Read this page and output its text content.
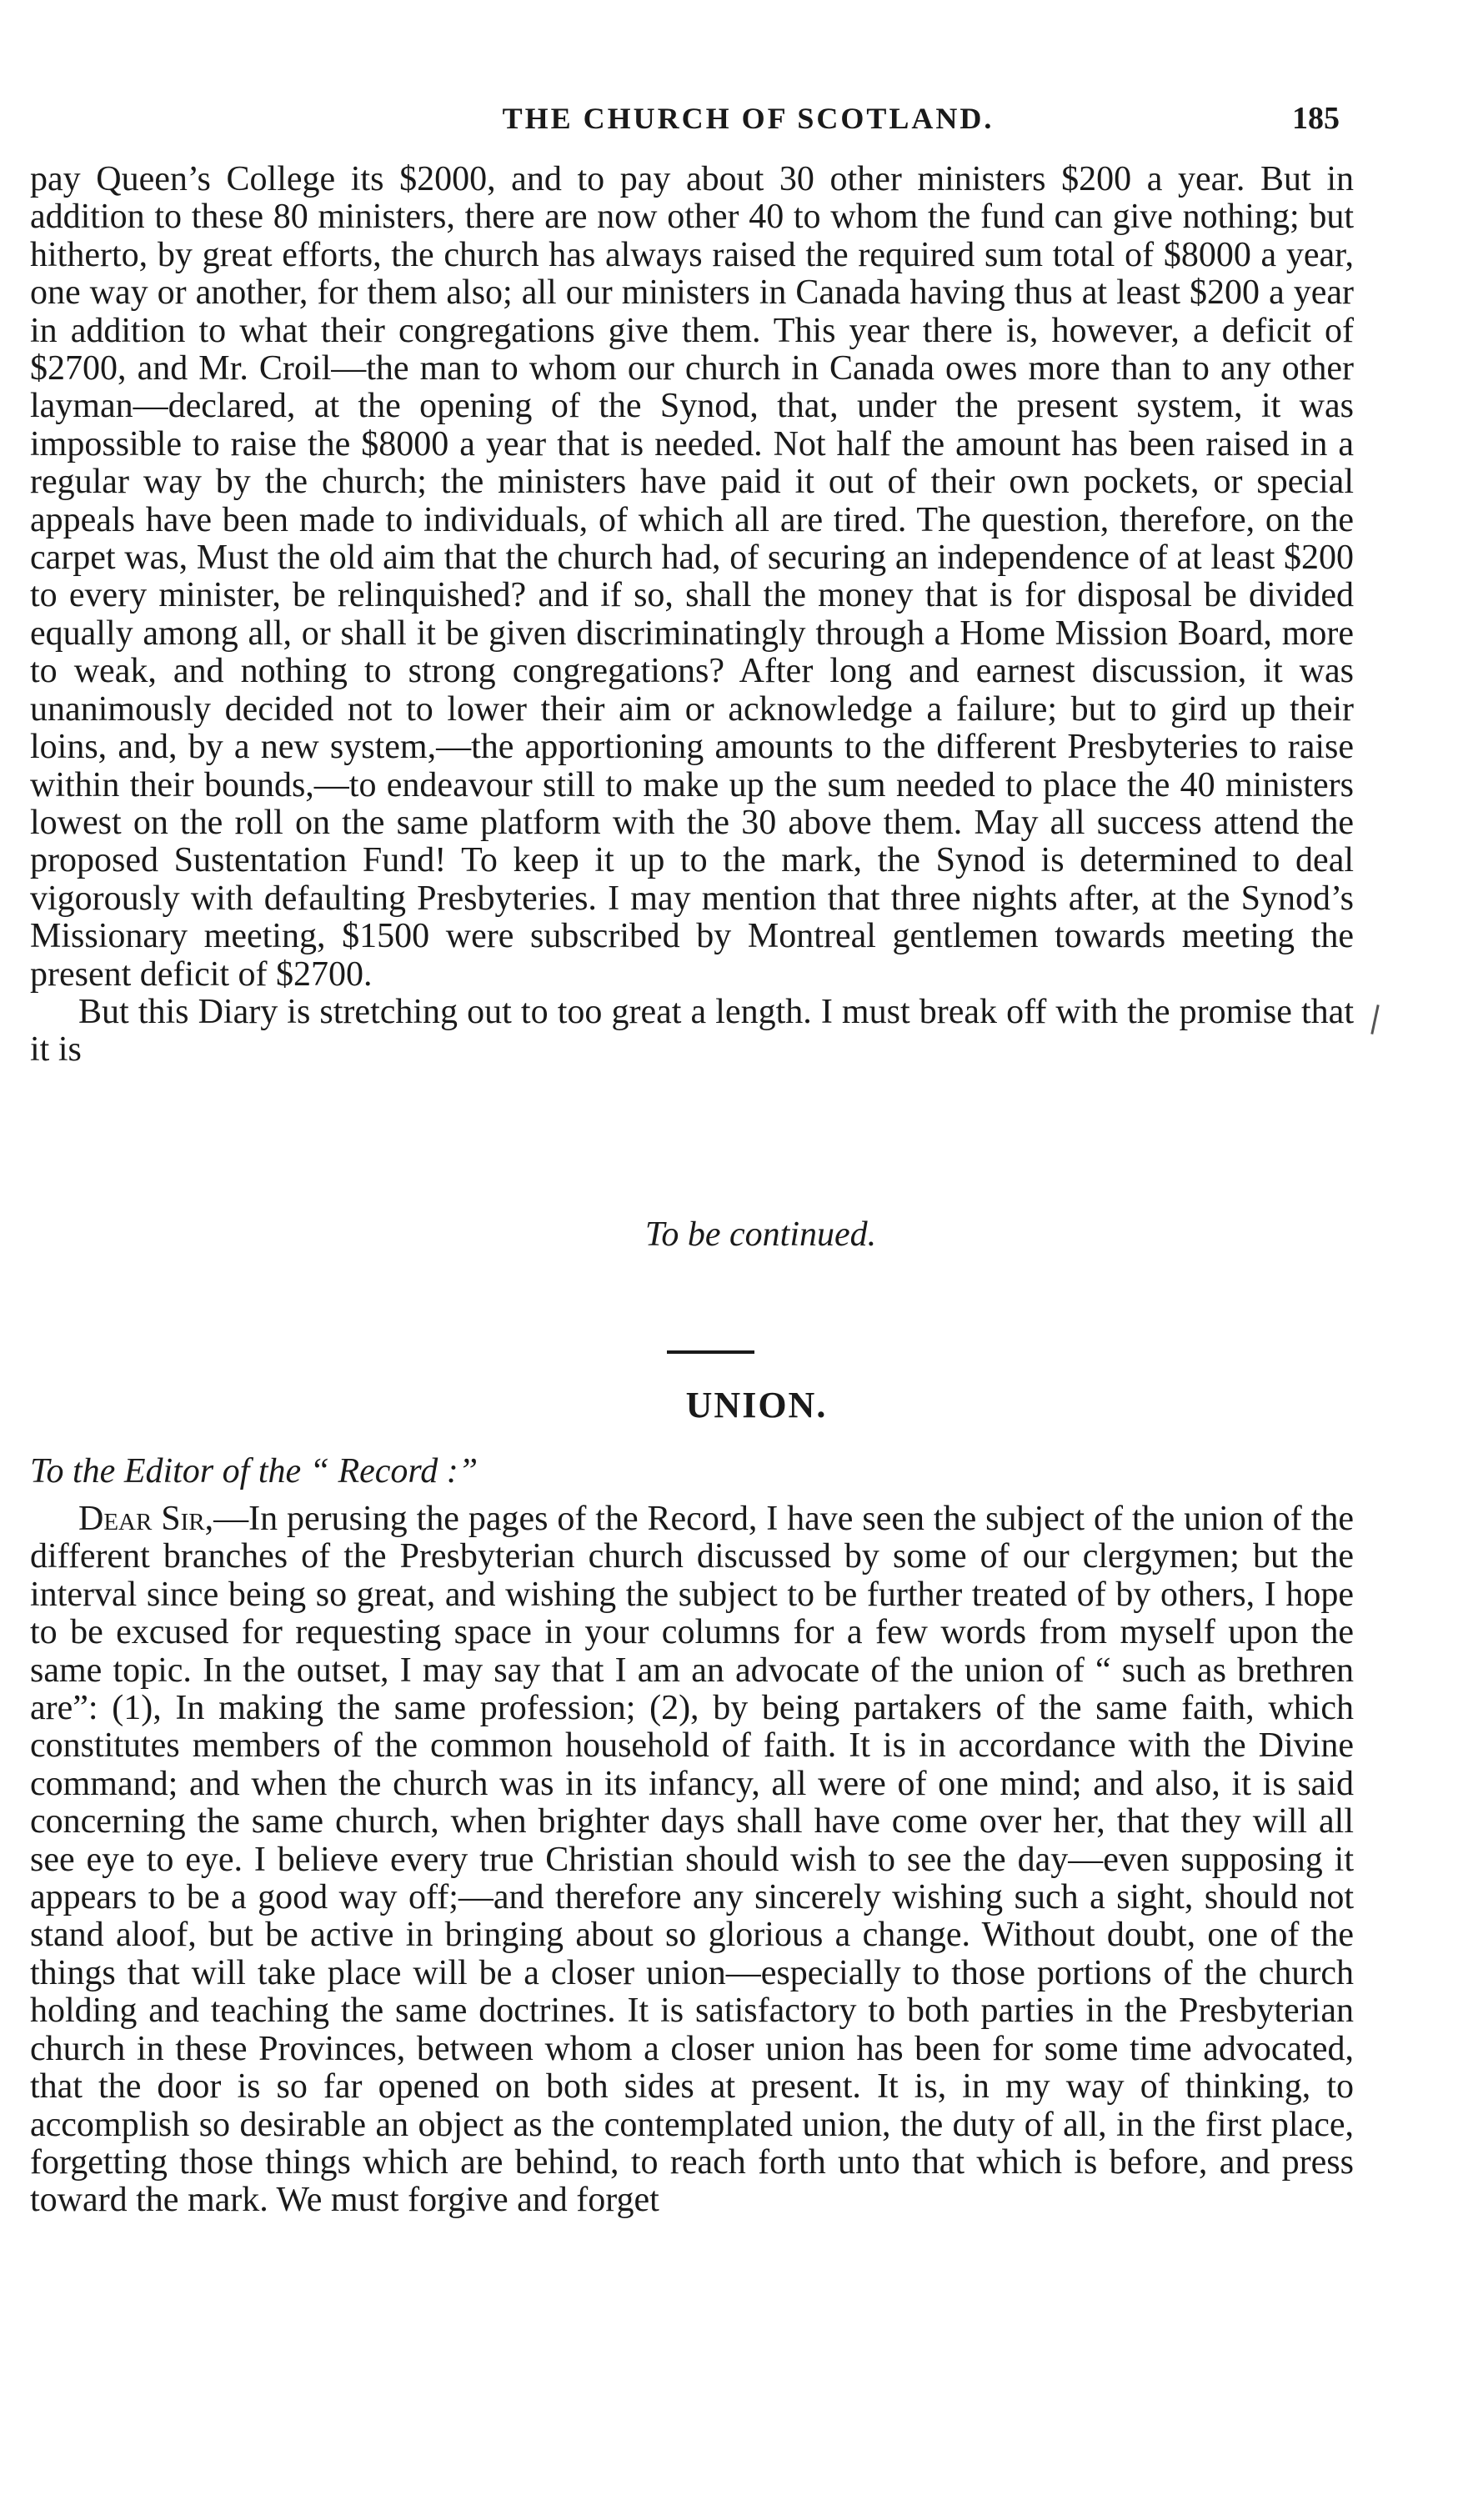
THE CHURCH OF SCOTLAND.	185

pay Queen’s College its $2000, and to pay about 30 other ministers $200 a year. But in addition to these 80 ministers, there are now other 40 to whom the fund can give nothing; but hitherto, by great efforts, the church has always raised the required sum total of $8000 a year, one way or another, for them also; all our ministers in Canada having thus at least $200 a year in addition to what their congregations give them. This year there is, however, a deficit of $2700, and Mr. Croil—the man to whom our church in Canada owes more than to any other layman—declared, at the opening of the Synod, that, under the present system, it was impossible to raise the $8000 a year that is needed. Not half the amount has been raised in a regular way by the church; the ministers have paid it out of their own pockets, or special appeals have been made to individuals, of which all are tired. The question, therefore, on the carpet was, Must the old aim that the church had, of securing an independence of at least $200 to every minister, be relinquished? and if so, shall the money that is for disposal be divided equally among all, or shall it be given discriminatingly through a Home Mission Board, more to weak, and nothing to strong congregations? After long and earnest discussion, it was unanimously decided not to lower their aim or acknowledge a failure; but to gird up their loins, and, by a new system,—the apportioning amounts to the different Presbyteries to raise within their bounds,—to endeavour still to make up the sum needed to place the 40 ministers lowest on the roll on the same platform with the 30 above them. May all success attend the proposed Sustentation Fund! To keep it up to the mark, the Synod is determined to deal vigorously with defaulting Presbyteries. I may mention that three nights after, at the Synod’s Missionary meeting, $1500 were subscribed by Montreal gentlemen towards meeting the present deficit of $2700.

But this Diary is stretching out to too great a length. I must break off with the promise that it is

To be continued.
UNION.
To the Editor of the “ Record :”

Dear Sir,—In perusing the pages of the Record, I have seen the subject of the union of the different branches of the Presbyterian church discussed by some of our clergymen; but the interval since being so great, and wishing the subject to be further treated of by others, I hope to be excused for requesting space in your columns for a few words from myself upon the same topic. In the outset, I may say that I am an advocate of the union of “ such as brethren are”: (1), In making the same profession; (2), by being partakers of the same faith, which constitutes members of the common household of faith. It is in accordance with the Divine command; and when the church was in its infancy, all were of one mind; and also, it is said concerning the same church, when brighter days shall have come over her, that they will all see eye to eye. I believe every true Christian should wish to see the day—even supposing it appears to be a good way off;—and therefore any sincerely wishing such a sight, should not stand aloof, but be active in bringing about so glorious a change. Without doubt, one of the things that will take place will be a closer union—especially to those portions of the church holding and teaching the same doctrines. It is satisfactory to both parties in the Presbyterian church in these Provinces, between whom a closer union has been for some time advocated, that the door is so far opened on both sides at present. It is, in my way of thinking, to accomplish so desirable an object as the contemplated union, the duty of all, in the first place, forgetting those things which are behind, to reach forth unto that which is before, and press toward the mark. We must forgive and forget
